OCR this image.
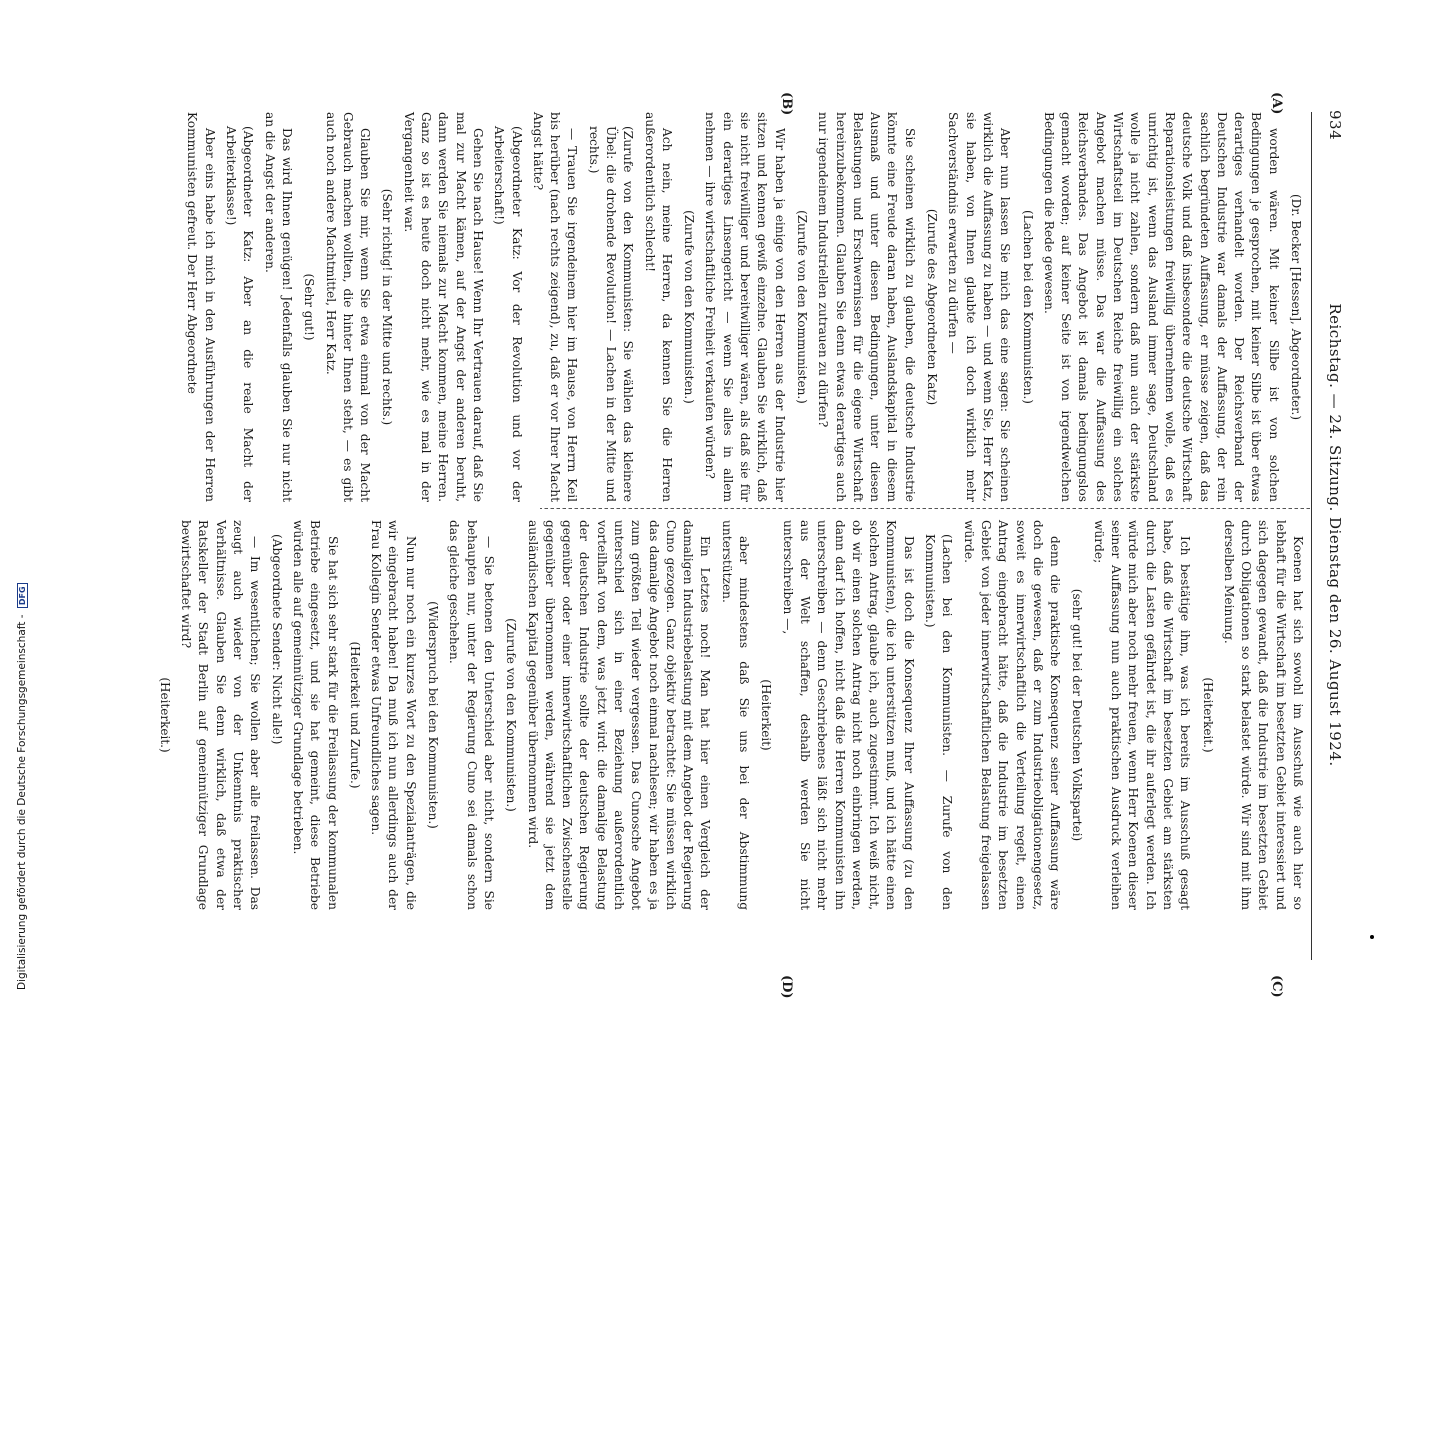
934
Reichstag. — 24. Sitzung. Dienstag den 26. August 1924.
(A)
(B)
(C)
(D)

(Dr. Becker [Hessen], Abgeordneter.)

worden wären. Mit keiner Silbe ist von solchen Bedingungen je gesprochen, mit keiner Silbe ist über etwas derartiges verhandelt worden. Der Reichsverband der Deutschen Industrie war damals der Auffassung, der rein sachlich begründeten Auffassung, er müsse zeigen, daß das deutsche Volk und daß insbesondere die deutsche Wirtschaft Reparationsleistungen freiwillig übernehmen wolle, daß es unrichtig ist, wenn das Ausland immer sage, Deutschland wolle ja nicht zahlen, sondern daß nun auch der stärkste Wirtschaftsteil im Deutschen Reiche freiwillig ein solches Angebot machen müsse. Das war die Auffassung des Reichsverbandes. Das Angebot ist damals bedingungslos gemacht worden; auf keiner Seite ist von irgendwelchen Bedingungen die Rede gewesen.

(Lachen bei den Kommunisten.)

Aber nun lassen Sie mich das eine sagen: Sie scheinen wirklich die Auffassung zu haben — und wenn Sie, Herr Katz, sie haben, von Ihnen glaubte ich doch wirklich mehr Sachverständnis erwarten zu dürfen —

(Zurufe des Abgeordneten Katz)

Sie scheinen wirklich zu glauben, die deutsche Industrie könnte eine Freude daran haben, Auslandskapital in diesem Ausmaß und unter diesen Bedingungen, unter diesen Belastungen und Erschwernissen für die eigene Wirtschaft hereinzubekommen. Glauben Sie denn etwas derartiges auch nur irgendeinem Industriellen zutrauen zu dürfen?

(Zurufe von den Kommunisten.)

Wir haben ja einige von den Herren aus der Industrie hier sitzen und kennen gewiß einzelne. Glauben Sie wirklich, daß sie nicht freiwilliger und bereitwilliger wären, als daß sie für ein derartiges Linsengericht — wenn Sie alles in allem nehmen — ihre wirtschaftliche Freiheit verkaufen würden?

(Zurufe von den Kommunisten.)

Ach nein, meine Herren, da kennen Sie die Herren außerordentlich schlecht!

(Zurufe von den Kommunisten: Sie wählen das kleinere Übel: die drohende Revolution! — Lachen in der Mitte und rechts.)

— Trauen Sie irgendeinem hier im Hause, von Herrn Keil bis herüber (nach rechts zeigend), zu, daß er vor Ihrer Macht Angst hätte?

(Abgeordneter Katz: Vor der Revolution und vor der Arbeiterschaft!)

Gehen Sie nach Hause! Wenn Ihr Vertrauen darauf, daß Sie mal zur Macht kämen, auf der Angst der anderen beruht, dann werden Sie niemals zur Macht kommen, meine Herren. Ganz so ist es heute doch nicht mehr, wie es mal in der Vergangenheit war.

(Sehr richtig! in der Mitte und rechts.)

Glauben Sie mir, wenn Sie etwa einmal von der Macht Gebrauch machen wollten, die hinter Ihnen steht, — es gibt auch noch andere Machtmittel, Herr Katz.

(Sehr gut!)

Das wird Ihnen genügen! Jedenfalls glauben Sie nur nicht an die Angst der anderen.

(Abgeordneter Katz: Aber an die reale Macht der Arbeiterklasse!)

Aber eins habe ich mich in den Ausführungen der Herren Kommunisten gefreut. Der Herr Abgeordnete

Koenen hat sich sowohl im Ausschuß wie auch hier so lebhaft für die Wirtschaft im besetzten Gebiet interessiert und sich dagegen gewandt, daß die Industrie im besetzten Gebiet durch Obligationen so stark belastet würde. Wir sind mit ihm derselben Meinung.

(Heiterkeit.)

Ich bestätige ihm, was ich bereits im Ausschuß gesagt habe, daß die Wirtschaft im besetzten Gebiet am stärksten durch die Lasten gefährdet ist, die ihr auferlegt werden. Ich würde mich aber noch mehr freuen, wenn Herr Koenen dieser seiner Auffassung nun auch praktischen Ausdruck verleihen würde;

(sehr gut! bei der Deutschen Volkspartei)

denn die praktische Konsequenz seiner Auffassung wäre doch die gewesen, daß er zum Industrieobligationengesetz, soweit es innerwirtschaftlich die Verteilung regelt, einen Antrag eingebracht hätte, daß die Industrie im besetzten Gebiet von jeder innerwirtschaftlichen Belastung freigelassen würde.

(Lachen bei den Kommunisten. — Zurufe von den Kommunisten.)

Das ist doch die Konsequenz Ihrer Auffassung (zu den Kommunisten), die ich unterstützen muß, und ich hätte einen solchen Antrag, glaube ich, auch zugestimmt. Ich weiß nicht, ob wir einen solchen Antrag nicht noch einbringen werden, dann darf ich hoffen, nicht daß die Herren Kommunisten ihn unterschreiben — denn Geschriebenes läßt sich nicht mehr aus der Welt schaffen, deshalb werden Sie nicht unterschreiben —,

(Heiterkeit)

aber mindestens daß Sie uns bei der Abstimmung unterstützen.

Ein Letztes noch! Man hat hier einen Vergleich der damaligen Industriebelastung mit dem Angebot der Regierung Cuno gezogen. Ganz objektiv betrachtet: Sie müssen wirklich das damalige Angebot noch einmal nachlesen; wir haben es ja zum größten Teil wieder vergessen. Das Cunosche Angebot unterschied sich in einer Beziehung außerordentlich vorteilhaft von dem, was jetzt wird: die damalige Belastung der deutschen Industrie sollte der deutschen Regierung gegenüber oder einer innerwirtschaftlichen Zwischenstelle gegenüber übernommen werden, während sie jetzt dem ausländischen Kapital gegenüber übernommen wird.

(Zurufe von den Kommunisten.)

— Sie betonen den Unterschied aber nicht, sondern Sie behaupten nur, unter der Regierung Cuno sei damals schon das gleiche geschehen.

(Widerspruch bei den Kommunisten.)

Nun nur noch ein kurzes Wort zu den Spezialanträgen, die wir eingebracht haben! Da muß ich nun allerdings auch der Frau Kollegin Sender etwas Unfreundliches sagen.

(Heiterkeit und Zurufe.)

Sie hat sich sehr stark für die Freilassung der kommunalen Betriebe eingesetzt, und sie hat gemeint, diese Betriebe würden alle auf gemeinnütziger Grundlage betrieben.

(Abgeordnete Sender: Nicht alle!)

— Im wesentlichen; Sie wollen aber alle freilassen. Das zeugt auch wieder von der Unkenntnis praktischer Verhältnisse. Glauben Sie denn wirklich, daß etwa der Ratskeller der Stadt Berlin auf gemeinnütziger Grundlage bewirtschaftet wird?

(Heiterkeit.)

Digitalisierung gefördert durch die Deutsche Forschungsgemeinschaft - DFG
